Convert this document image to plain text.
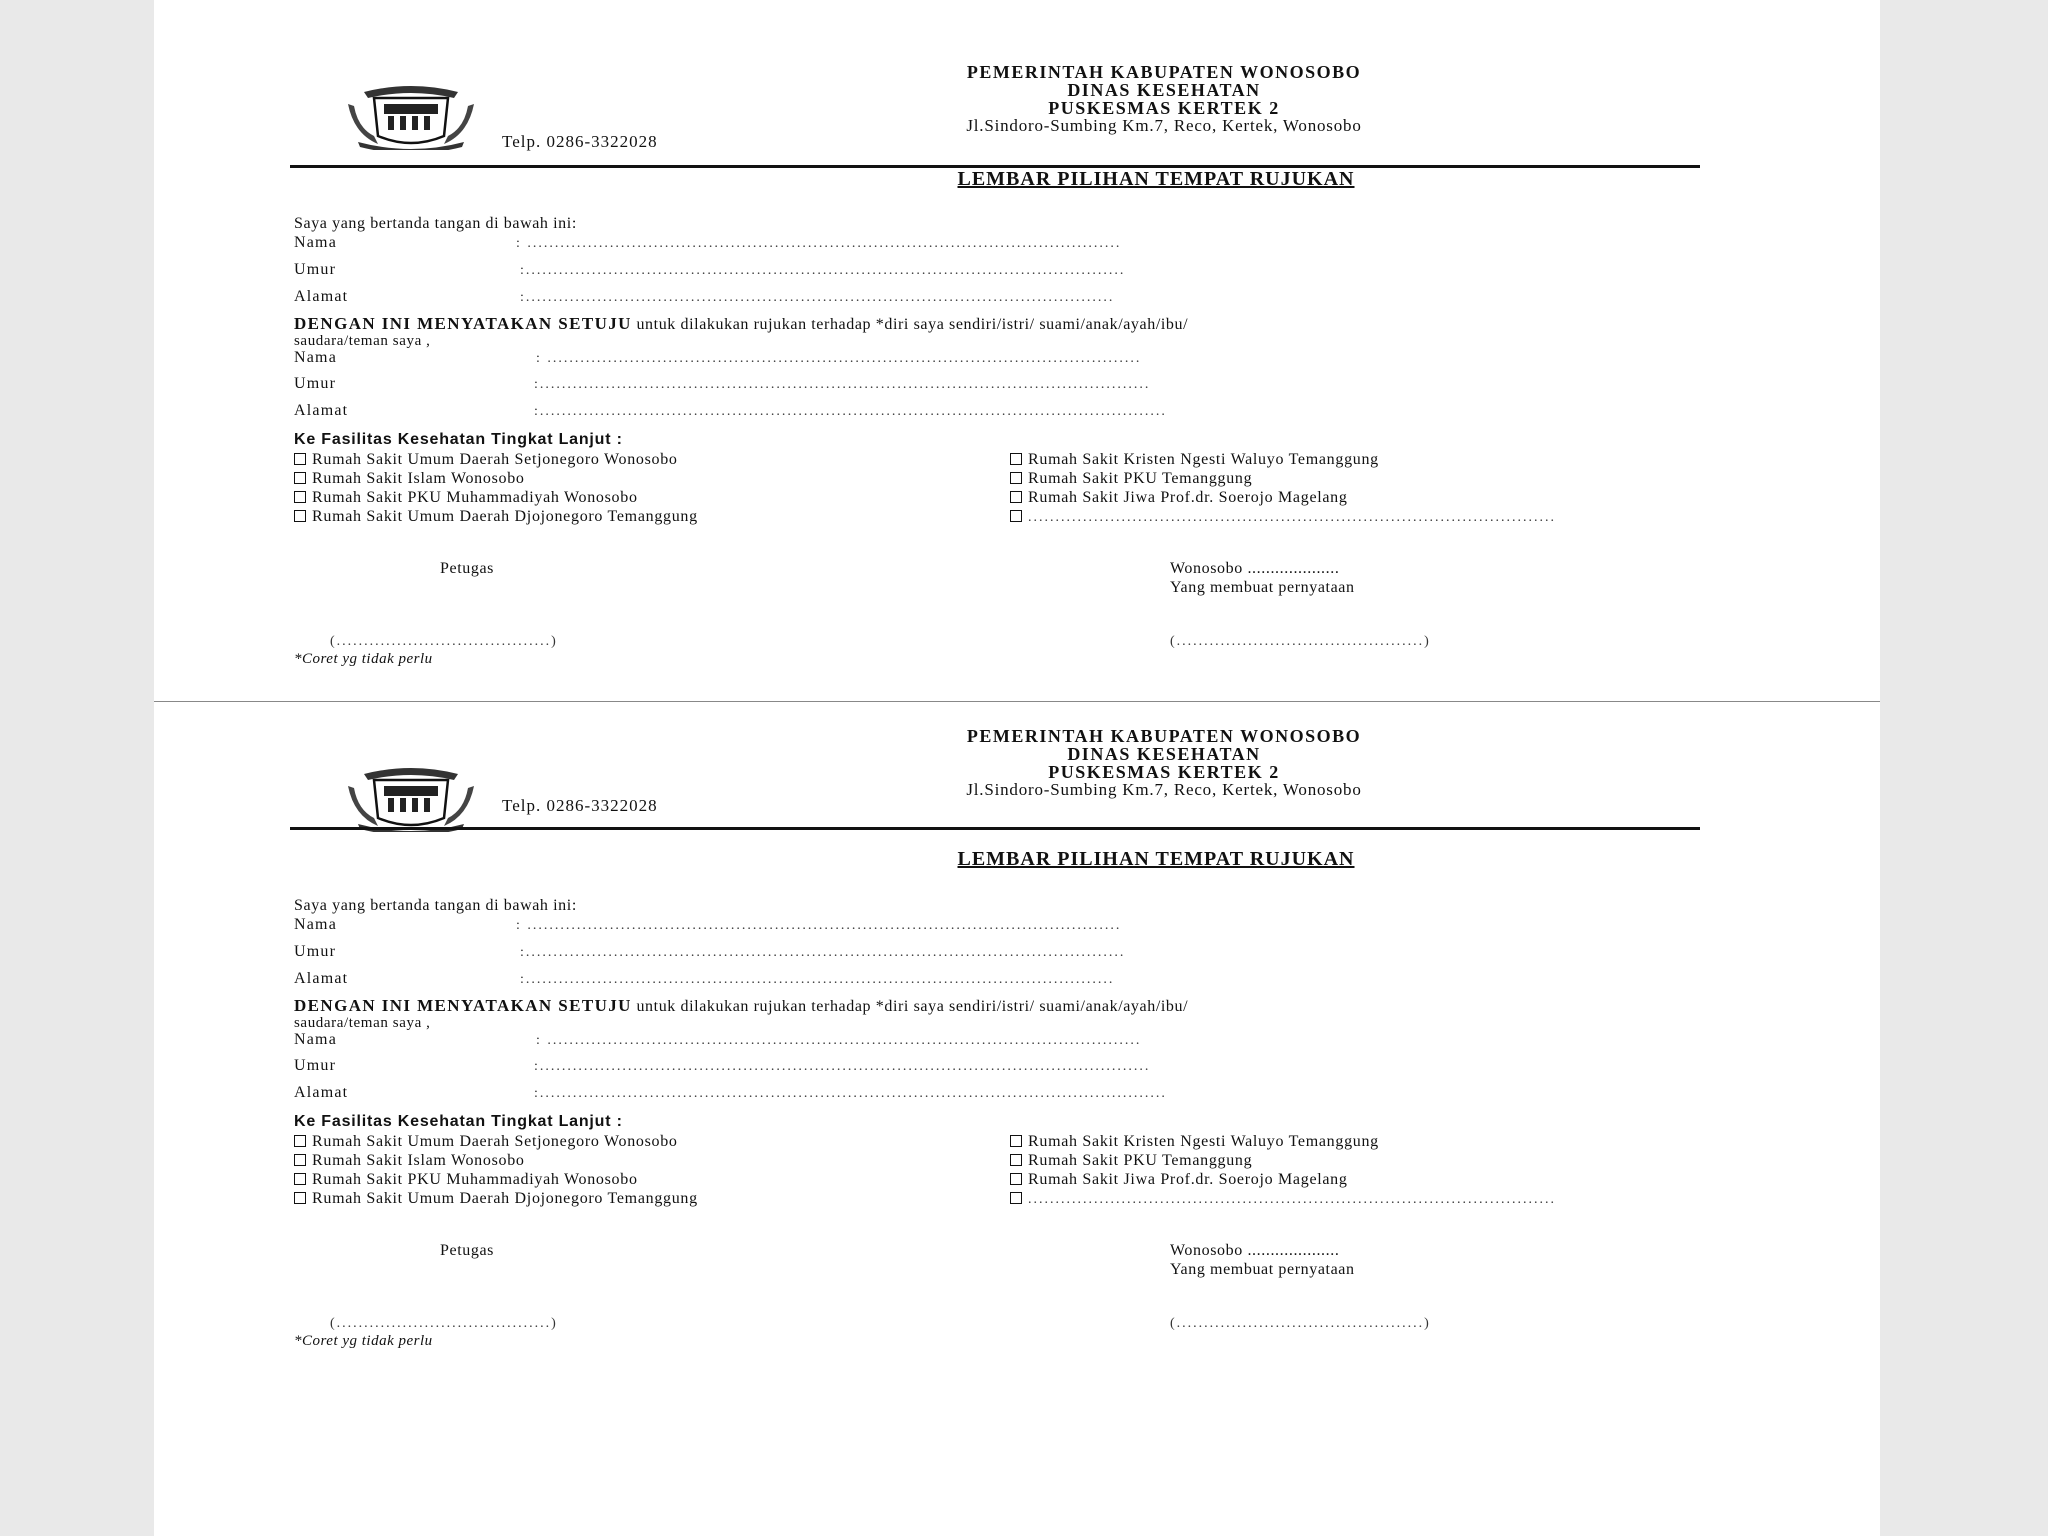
PEMERINTAH KABUPATEN WONOSOBO
DINAS KESEHATAN
PUSKESMAS KERTEK 2
Jl.Sindoro-Sumbing Km.7, Reco, Kertek, Wonosobo
Telp. 0286-3322028
LEMBAR PILIHAN TEMPAT RUJUKAN
Saya yang bertanda tangan di bawah ini:
Nama	: ............................................................................................................
Umur	:.............................................................................................................
Alamat	:...........................................................................................................
DENGAN INI MENYATAKAN SETUJU untuk dilakukan rujukan terhadap *diri saya sendiri/istri/ suami/anak/ayah/ibu/
saudara/teman saya ,
Nama	: ............................................................................................................
Umur	:...............................................................................................................
Alamat	:..................................................................................................................
Ke Fasilitas Kesehatan Tingkat Lanjut :
Rumah Sakit Umum Daerah Setjonegoro Wonosobo
Rumah Sakit Islam Wonosobo
Rumah Sakit PKU Muhammadiyah Wonosobo
Rumah Sakit Umum Daerah Djojonegoro Temanggung
Rumah Sakit Kristen Ngesti Waluyo Temanggung
Rumah Sakit PKU Temanggung
Rumah Sakit Jiwa Prof.dr. Soerojo Magelang
................................................................................................
Petugas	Wonosobo ....................
Yang membuat pernyataan
(.......................................)	(.............................................)
*Coret yg tidak perlu
PEMERINTAH KABUPATEN WONOSOBO
DINAS KESEHATAN
PUSKESMAS KERTEK 2
Jl.Sindoro-Sumbing Km.7, Reco, Kertek, Wonosobo
Telp. 0286-3322028
LEMBAR PILIHAN TEMPAT RUJUKAN
Saya yang bertanda tangan di bawah ini:
Nama	: ............................................................................................................
Umur	:.............................................................................................................
Alamat	:...........................................................................................................
DENGAN INI MENYATAKAN SETUJU untuk dilakukan rujukan terhadap *diri saya sendiri/istri/ suami/anak/ayah/ibu/
saudara/teman saya ,
Nama	: ............................................................................................................
Umur	:...............................................................................................................
Alamat	:..................................................................................................................
Ke Fasilitas Kesehatan Tingkat Lanjut :
Rumah Sakit Umum Daerah Setjonegoro Wonosobo
Rumah Sakit Islam Wonosobo
Rumah Sakit PKU Muhammadiyah Wonosobo
Rumah Sakit Umum Daerah Djojonegoro Temanggung
Rumah Sakit Kristen Ngesti Waluyo Temanggung
Rumah Sakit PKU Temanggung
Rumah Sakit Jiwa Prof.dr. Soerojo Magelang
................................................................................................
Petugas	Wonosobo ....................
Yang membuat pernyataan
(.......................................)	(.............................................)
*Coret yg tidak perlu
